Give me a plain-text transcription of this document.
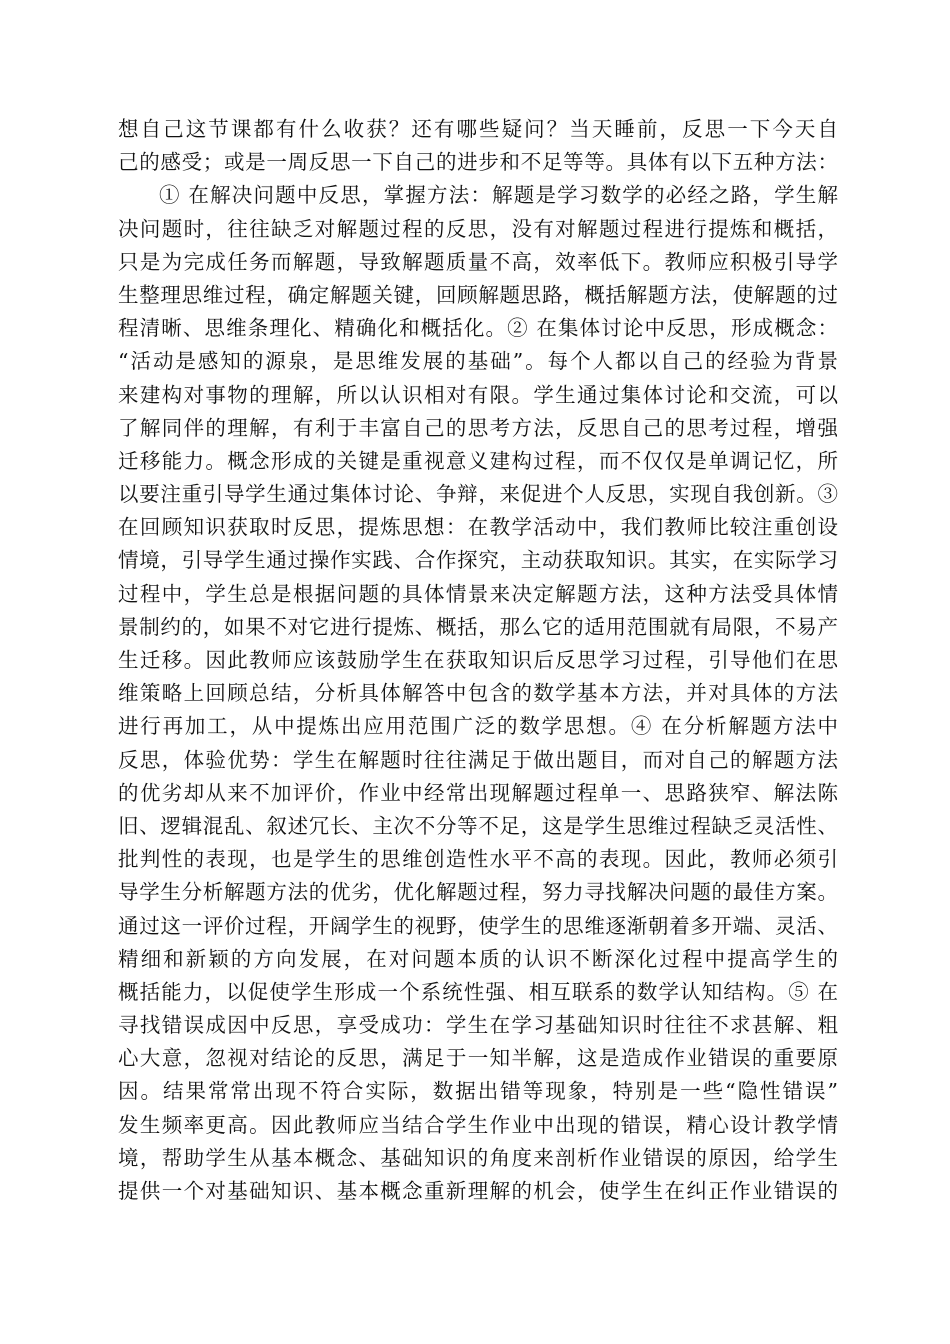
想自己这节课都有什么收获？还有哪些疑问？当天睡前，反思一下今天自
己的感受；或是一周反思一下自己的进步和不足等等。具体有以下五种方法：
① 在解决问题中反思，掌握方法：解题是学习数学的必经之路，学生解
决问题时，往往缺乏对解题过程的反思，没有对解题过程进行提炼和概括，
只是为完成任务而解题，导致解题质量不高，效率低下。教师应积极引导学
生整理思维过程，确定解题关键，回顾解题思路，概括解题方法，使解题的过
程清晰、思维条理化、精确化和概括化。② 在集体讨论中反思，形成概念：
“活动是感知的源泉，是思维发展的基础”。每个人都以自己的经验为背景
来建构对事物的理解，所以认识相对有限。学生通过集体讨论和交流，可以
了解同伴的理解，有利于丰富自己的思考方法，反思自己的思考过程，增强
迁移能力。概念形成的关键是重视意义建构过程，而不仅仅是单调记忆，所
以要注重引导学生通过集体讨论、争辩，来促进个人反思，实现自我创新。③
在回顾知识获取时反思，提炼思想：在教学活动中，我们教师比较注重创设
情境，引导学生通过操作实践、合作探究，主动获取知识。其实，在实际学习
过程中，学生总是根据问题的具体情景来决定解题方法，这种方法受具体情
景制约的，如果不对它进行提炼、概括，那么它的适用范围就有局限，不易产
生迁移。因此教师应该鼓励学生在获取知识后反思学习过程，引导他们在思
维策略上回顾总结，分析具体解答中包含的数学基本方法，并对具体的方法
进行再加工，从中提炼出应用范围广泛的数学思想。④ 在分析解题方法中
反思，体验优势：学生在解题时往往满足于做出题目，而对自己的解题方法
的优劣却从来不加评价，作业中经常出现解题过程单一、思路狭窄、解法陈
旧、逻辑混乱、叙述冗长、主次不分等不足，这是学生思维过程缺乏灵活性、
批判性的表现，也是学生的思维创造性水平不高的表现。因此，教师必须引
导学生分析解题方法的优劣，优化解题过程，努力寻找解决问题的最佳方案。
通过这一评价过程，开阔学生的视野，使学生的思维逐渐朝着多开端、灵活、
精细和新颖的方向发展，在对问题本质的认识不断深化过程中提高学生的
概括能力，以促使学生形成一个系统性强、相互联系的数学认知结构。⑤ 在
寻找错误成因中反思，享受成功：学生在学习基础知识时往往不求甚解、粗
心大意，忽视对结论的反思，满足于一知半解，这是造成作业错误的重要原
因。结果常常出现不符合实际，数据出错等现象，特别是一些“隐性错误”
发生频率更高。因此教师应当结合学生作业中出现的错误，精心设计教学情
境，帮助学生从基本概念、基础知识的角度来剖析作业错误的原因，给学生
提供一个对基础知识、基本概念重新理解的机会，使学生在纠正作业错误的
